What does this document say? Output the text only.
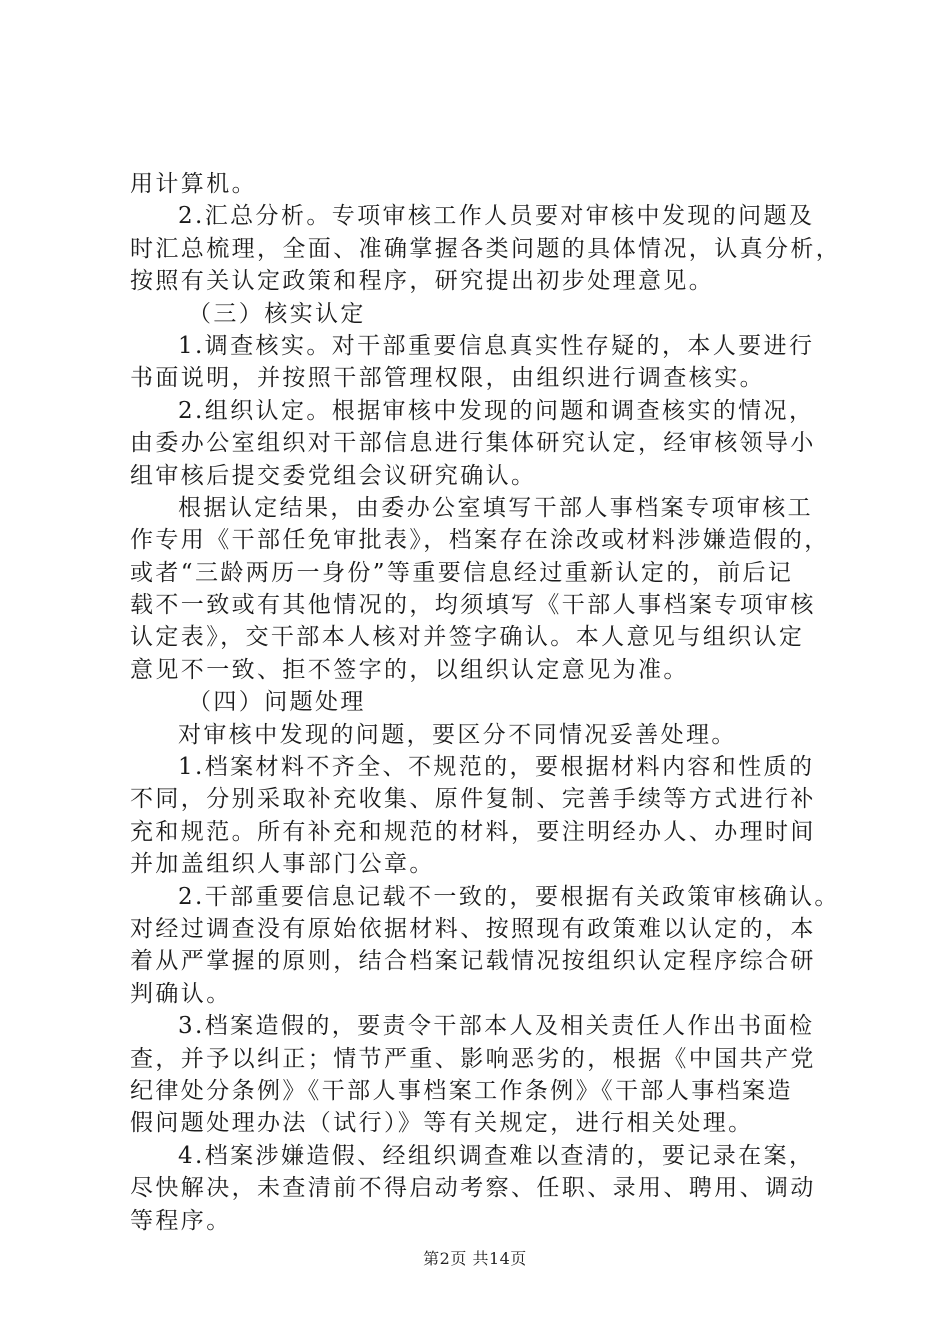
用计算机。
2.汇总分析。专项审核工作人员要对审核中发现的问题及
时汇总梳理，全面、准确掌握各类问题的具体情况，认真分析，
按照有关认定政策和程序，研究提出初步处理意见。
（三）核实认定
1.调查核实。对干部重要信息真实性存疑的，本人要进行
书面说明，并按照干部管理权限，由组织进行调查核实。
2.组织认定。根据审核中发现的问题和调查核实的情况，
由委办公室组织对干部信息进行集体研究认定，经审核领导小
组审核后提交委党组会议研究确认。
根据认定结果，由委办公室填写干部人事档案专项审核工
作专用《干部任免审批表》，档案存在涂改或材料涉嫌造假的，
或者“三龄两历一身份”等重要信息经过重新认定的，前后记
载不一致或有其他情况的，均须填写《干部人事档案专项审核
认定表》，交干部本人核对并签字确认。本人意见与组织认定
意见不一致、拒不签字的，以组织认定意见为准。
（四）问题处理
对审核中发现的问题，要区分不同情况妥善处理。
1.档案材料不齐全、不规范的，要根据材料内容和性质的
不同，分别采取补充收集、原件复制、完善手续等方式进行补
充和规范。所有补充和规范的材料，要注明经办人、办理时间
并加盖组织人事部门公章。
2.干部重要信息记载不一致的，要根据有关政策审核确认。
对经过调查没有原始依据材料、按照现有政策难以认定的，本
着从严掌握的原则，结合档案记载情况按组织认定程序综合研
判确认。
3.档案造假的，要责令干部本人及相关责任人作出书面检
查，并予以纠正；情节严重、影响恶劣的，根据《中国共产党
纪律处分条例》《干部人事档案工作条例》《干部人事档案造
假问题处理办法（试行）》等有关规定，进行相关处理。
4.档案涉嫌造假、经组织调查难以查清的，要记录在案，
尽快解决，未查清前不得启动考察、任职、录用、聘用、调动
等程序。
第2页 共14页
